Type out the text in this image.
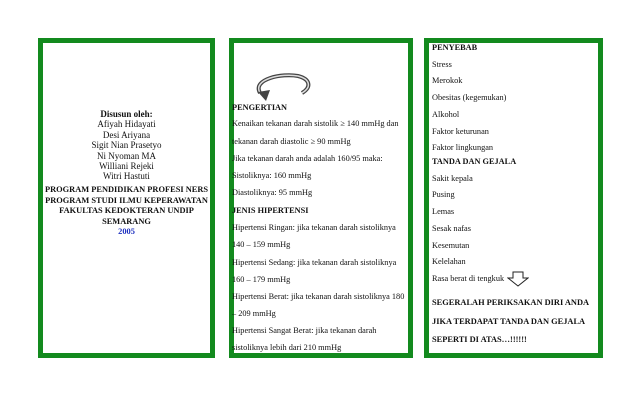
Disusun oleh:
Afiyah Hidayati
Desi Ariyana
Sigit Nian Prasetyo
Ni Nyoman MA
Williani Rejeki
Witri Hastuti
PROGRAM PENDIDIKAN PROFESI NERS
PROGRAM STUDI ILMU KEPERAWATAN
FAKULTAS KEDOKTERAN UNDIP
SEMARANG
2005
PENGERTIAN
Kenaikan tekanan darah sistolik ≥ 140 mmHg dan
tekanan darah diastolic ≥ 90 mmHg
Jika tekanan darah anda adalah 160/95 maka:
Sistoliknya: 160 mmHg
Diastoliknya: 95 mmHg
JENIS HIPERTENSI
Hipertensi Ringan: jika tekanan darah sistoliknya
140 – 159 mmHg
Hipertensi Sedang: jika tekanan darah sistoliknya
160 – 179 mmHg
Hipertensi Berat: jika tekanan darah sistoliknya 180
– 209 mmHg
Hipertensi Sangat Berat: jika tekanan darah
sistoliknya lebih dari 210 mmHg
PENYEBAB
Stress
Merokok
Obesitas (kegemukan)
Alkohol
Faktor keturunan
Faktor lingkungan
TANDA DAN GEJALA
Sakit kepala
Pusing
Lemas
Sesak nafas
Kesemutan
Kelelahan
Rasa berat di tengkuk
SEGERALAH PERIKSAKAN DIRI ANDA
JIKA TERDAPAT TANDA DAN GEJALA
SEPERTI DI ATAS…!!!!!!
